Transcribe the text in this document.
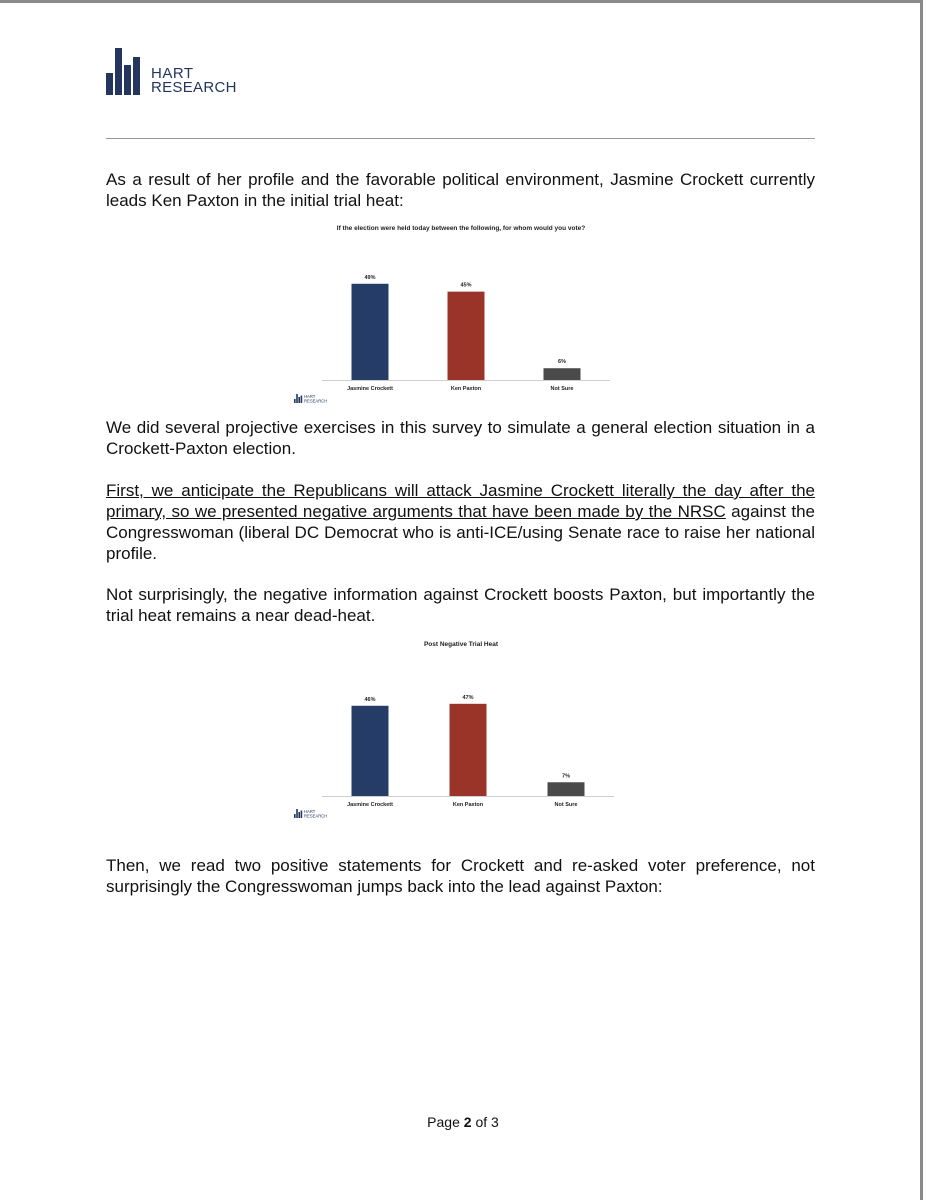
HART
RESEARCH

As a result of her profile and the favorable political environment, Jasmine Crockett currently leads Ken Paxton in the initial trial heat:

If the election were held today between the following, for whom would you vote?
49%
Jasmine Crockett
45%
Ken Paxton
6%
Not Sure
HART
RESEARCH

We did several projective exercises in this survey to simulate a general election situation in a Crockett-Paxton election.

First, we anticipate the Republicans will attack Jasmine Crockett literally the day after the primary, so we presented negative arguments that have been made by the NRSC against the Congresswoman (liberal DC Democrat who is anti-ICE/using Senate race to raise her national profile.

Not surprisingly, the negative information against Crockett boosts Paxton, but importantly the trial heat remains a near dead-heat.

Post Negative Trial Heat
46%
Jasmine Crockett
47%
Ken Paxton
7%
Not Sure
HART
RESEARCH

Then, we read two positive statements for Crockett and re-asked voter preference, not surprisingly the Congresswoman jumps back into the lead against Paxton:

Page 2 of 3
